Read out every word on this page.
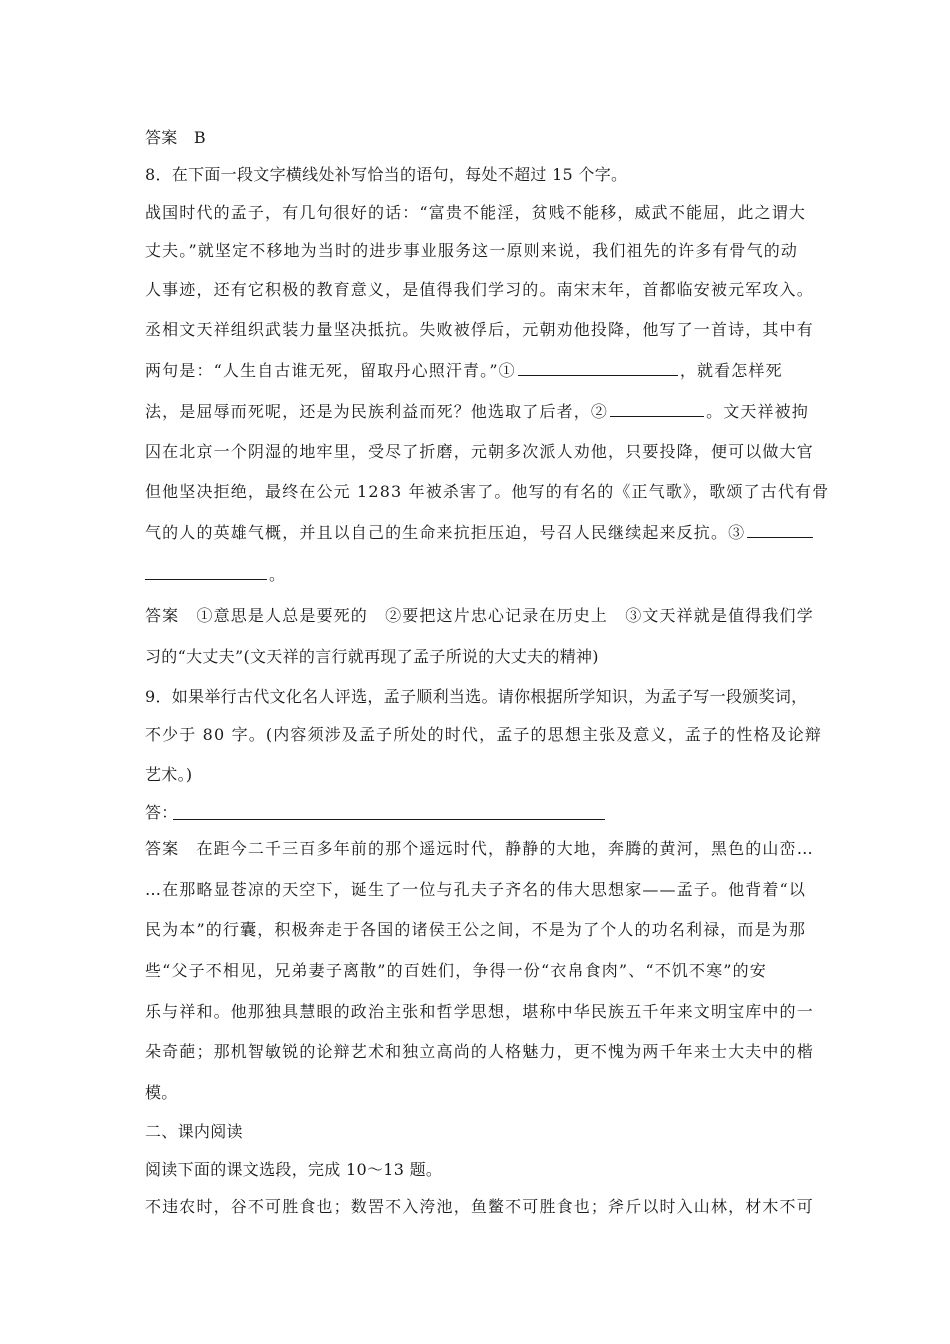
答案　B
8．在下面一段文字横线处补写恰当的语句，每处不超过 15 个字。
战国时代的孟子，有几句很好的话：“富贵不能淫，贫贱不能移，威武不能屈，此之谓大
丈夫。”就坚定不移地为当时的进步事业服务这一原则来说，我们祖先的许多有骨气的动
人事迹，还有它积极的教育意义，是值得我们学习的。南宋末年，首都临安被元军攻入。
丞相文天祥组织武装力量坚决抵抗。失败被俘后，元朝劝他投降，他写了一首诗，其中有
两句是：“人生自古谁无死，留取丹心照汗青。”①	，就看怎样死
法，是屈辱而死呢，还是为民族利益而死？他选取了后者，②	。文天祥被拘
囚在北京一个阴湿的地牢里，受尽了折磨，元朝多次派人劝他，只要投降，便可以做大官
但他坚决拒绝，最终在公元 1283 年被杀害了。他写的有名的《正气歌》，歌颂了古代有骨
气的人的英雄气概，并且以自己的生命来抗拒压迫，号召人民继续起来反抗。③
。
答案　①意思是人总是要死的　②要把这片忠心记录在历史上　③文天祥就是值得我们学
习的“大丈夫”(文天祥的言行就再现了孟子所说的大丈夫的精神)
9．如果举行古代文化名人评选，孟子顺利当选。请你根据所学知识，为孟子写一段颁奖词，
不少于 80 字。(内容须涉及孟子所处的时代，孟子的思想主张及意义，孟子的性格及论辩
艺术。)
答：
答案　在距今二千三百多年前的那个遥远时代，静静的大地，奔腾的黄河，黑色的山峦…
…在那略显苍凉的天空下，诞生了一位与孔夫子齐名的伟大思想家——孟子。他背着“以
民为本”的行囊，积极奔走于各国的诸侯王公之间，不是为了个人的功名利禄，而是为那
些“父子不相见，兄弟妻子离散”的百姓们，争得一份“衣帛食肉”、“不饥不寒”的安
乐与祥和。他那独具慧眼的政治主张和哲学思想，堪称中华民族五千年来文明宝库中的一
朵奇葩；那机智敏锐的论辩艺术和独立高尚的人格魅力，更不愧为两千年来士大夫中的楷
模。
二、课内阅读
阅读下面的课文选段，完成 10～13 题。
不违农时，谷不可胜食也；数罟不入洿池，鱼鳖不可胜食也；斧斤以时入山林，材木不可
